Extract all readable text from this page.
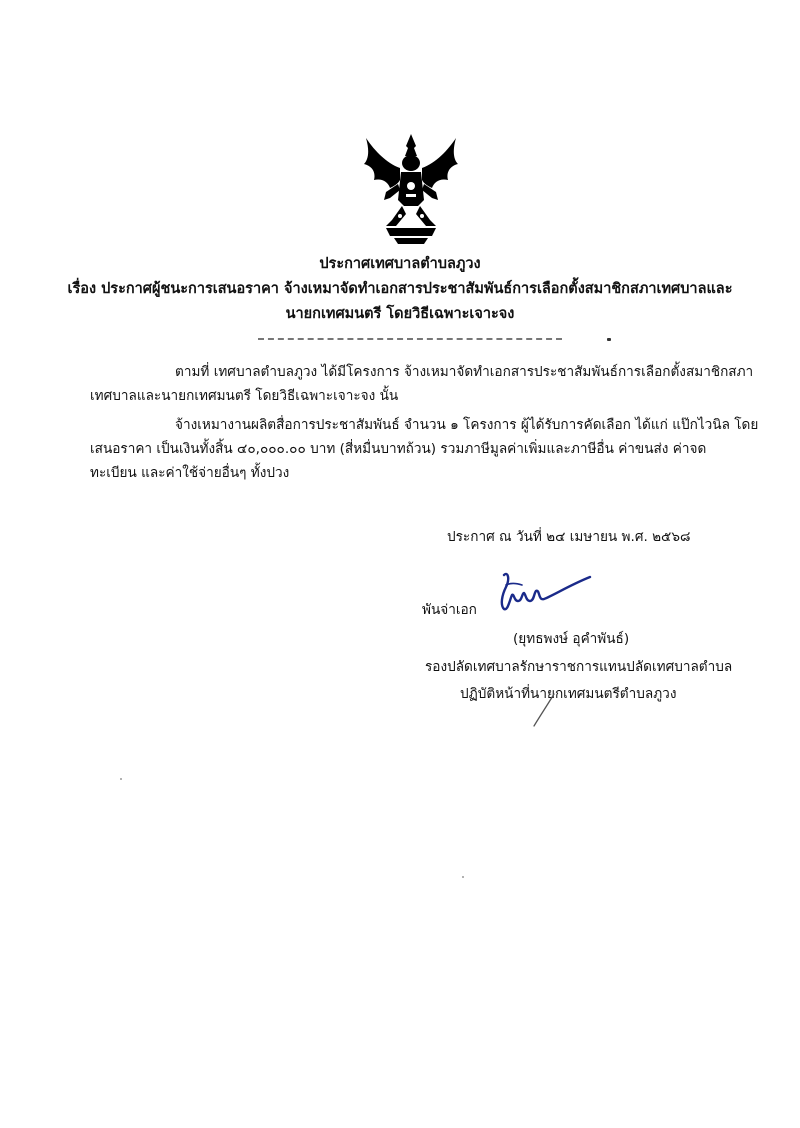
ประกาศเทศบาลตำบลภูวง
เรื่อง ประกาศผู้ชนะการเสนอราคา จ้างเหมาจัดทำเอกสารประชาสัมพันธ์การเลือกตั้งสมาชิกสภาเทศบาลและ
นายกเทศมนตรี โดยวิธีเฉพาะเจาะจง
ตามที่ เทศบาลตำบลภูวง ได้มีโครงการ จ้างเหมาจัดทำเอกสารประชาสัมพันธ์การเลือกตั้งสมาชิกสภา
เทศบาลและนายกเทศมนตรี โดยวิธีเฉพาะเจาะจง นั้น
จ้างเหมางานผลิตสื่อการประชาสัมพันธ์ จำนวน ๑ โครงการ ผู้ได้รับการคัดเลือก ได้แก่ แป๊กไวนิล โดย
เสนอราคา เป็นเงินทั้งสิ้น ๔๐,๐๐๐.๐๐ บาท (สี่หมื่นบาทถ้วน) รวมภาษีมูลค่าเพิ่มและภาษีอื่น ค่าขนส่ง ค่าจด
ทะเบียน และค่าใช้จ่ายอื่นๆ ทั้งปวง
ประกาศ ณ วันที่ ๒๔ เมษายน พ.ศ. ๒๕๖๘
พันจ่าเอก
(ยุทธพงษ์ อุคำพันธ์)
รองปลัดเทศบาลรักษาราชการแทนปลัดเทศบาลตำบล
ปฏิบัติหน้าที่นายกเทศมนตรีตำบลภูวง
